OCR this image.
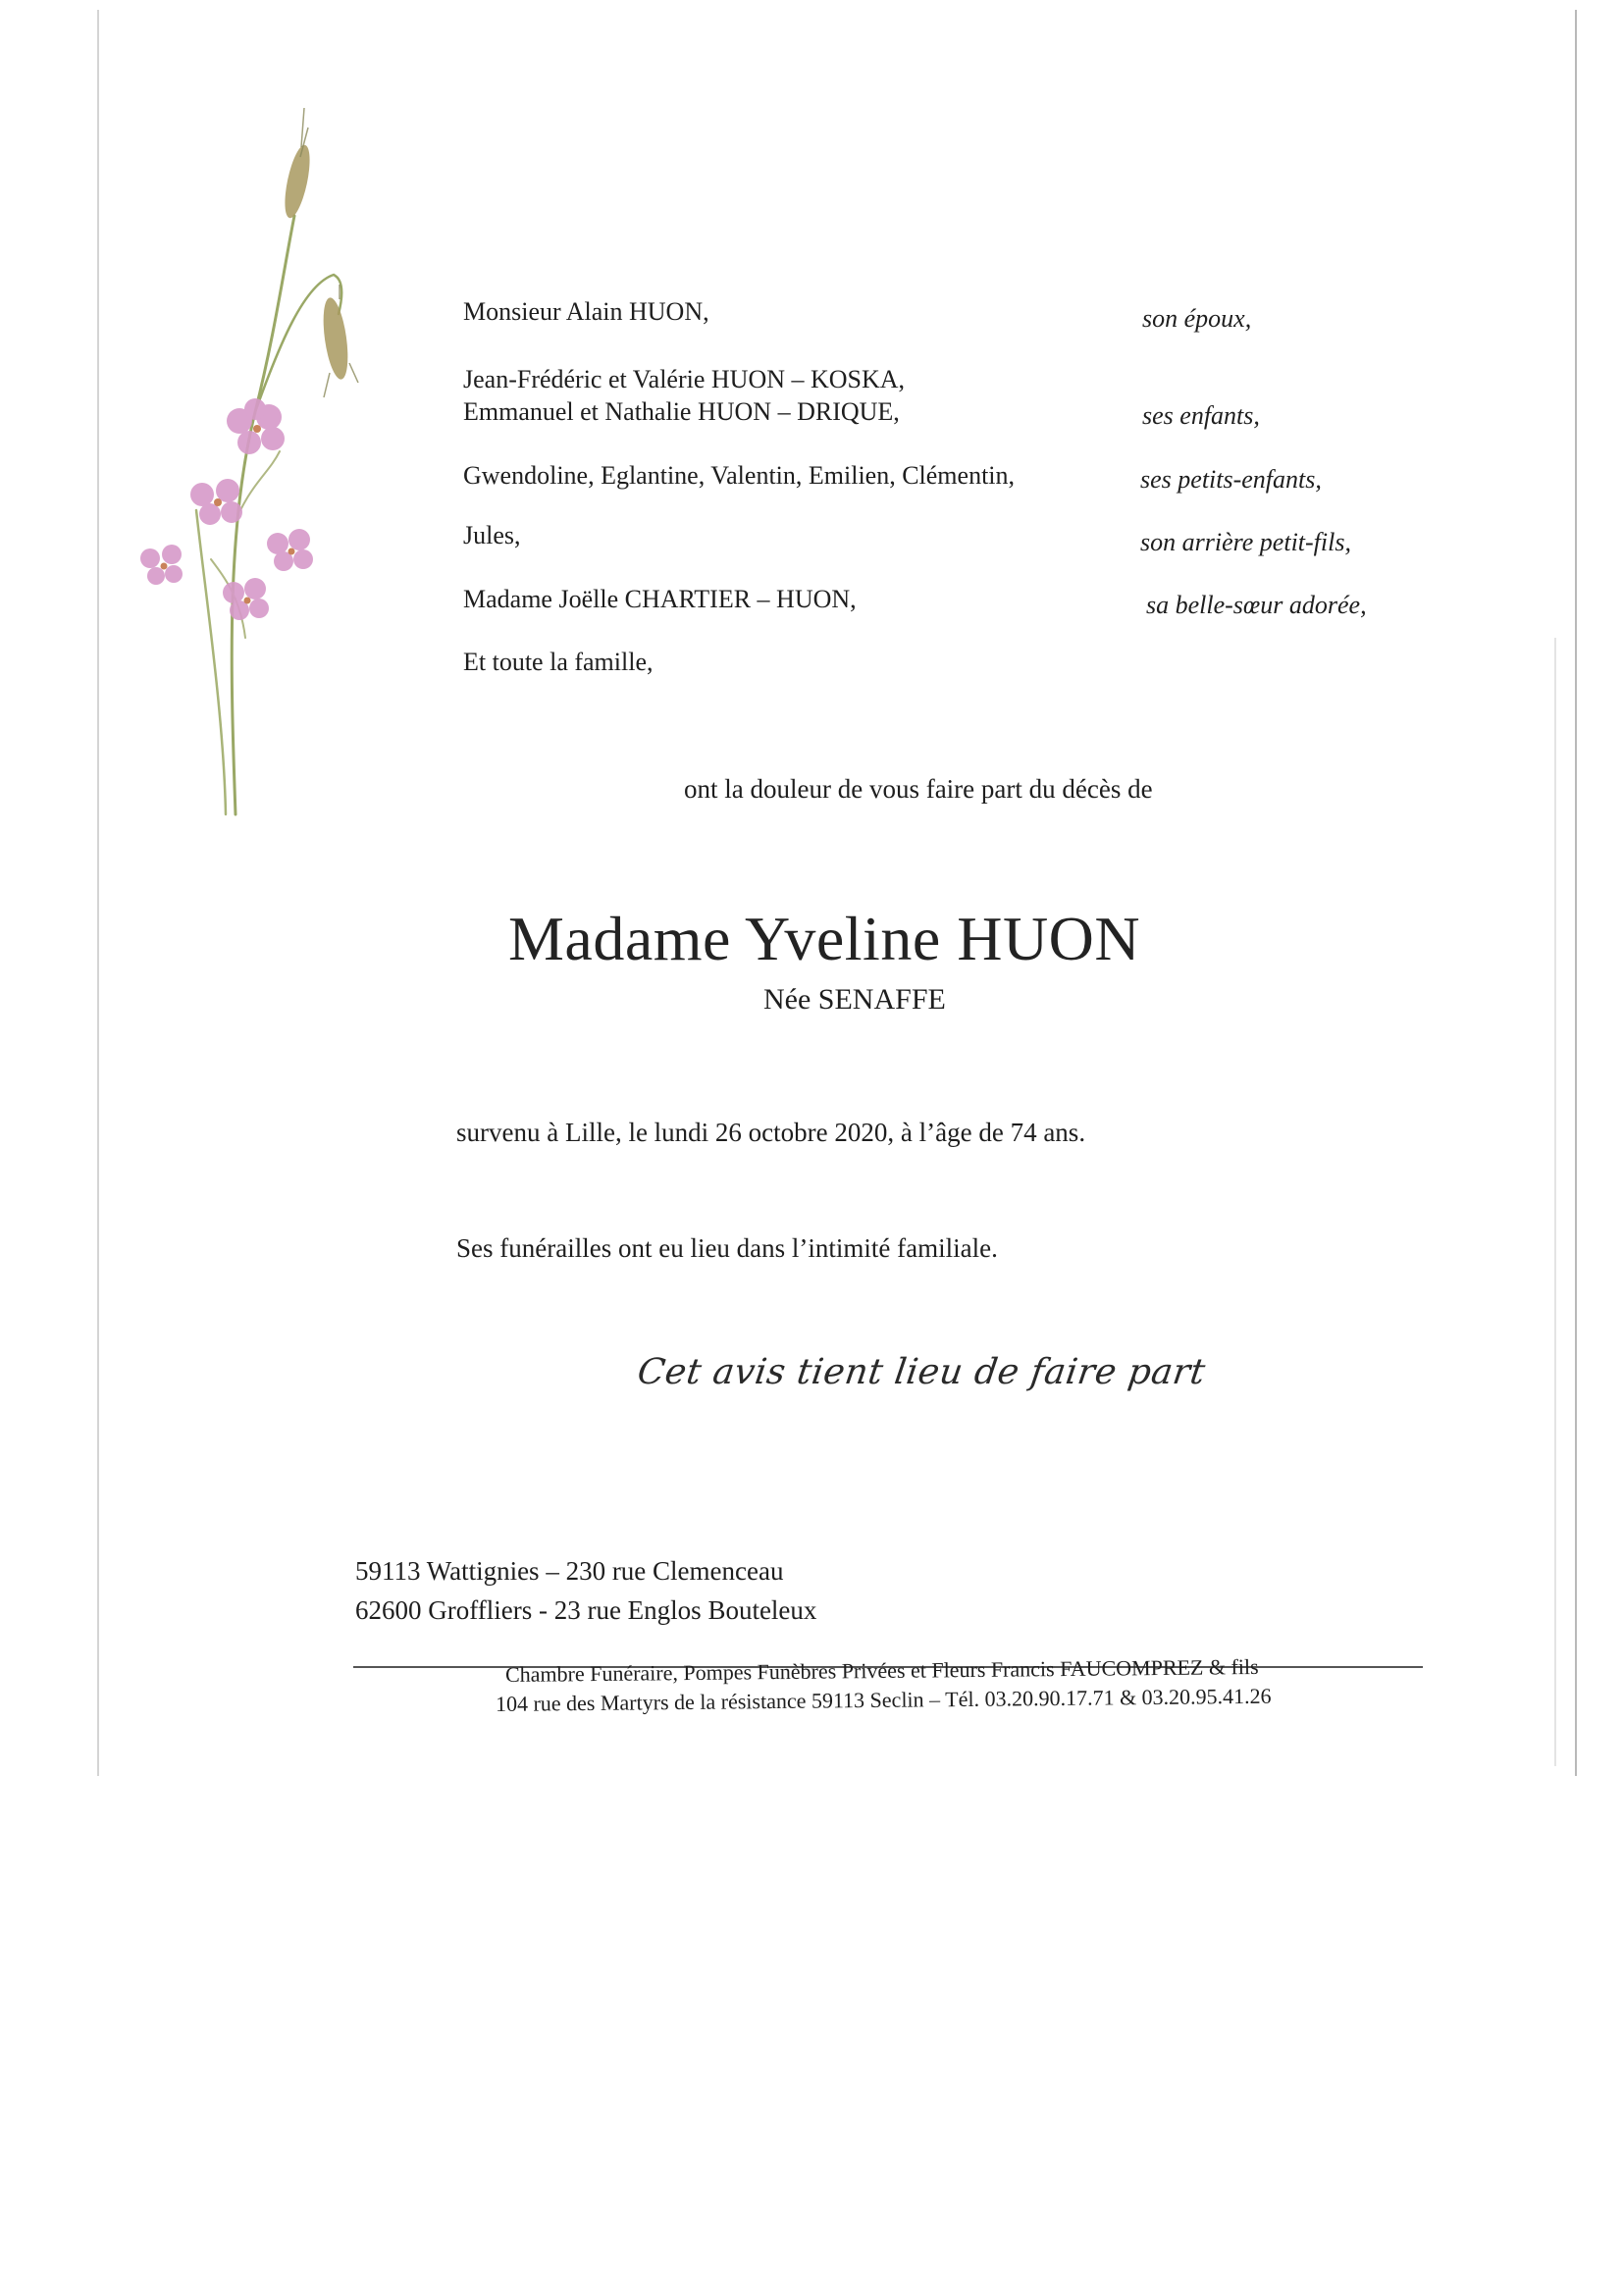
Monsieur Alain HUON,	son époux,
Jean-Frédéric et Valérie HUON – KOSKA,
Emmanuel et Nathalie HUON – DRIQUE,	ses enfants,
Gwendoline, Eglantine, Valentin, Emilien, Clémentin,	ses petits-enfants,
Jules,	son arrière petit-fils,
Madame Joëlle CHARTIER – HUON,	sa belle-sœur adorée,
Et toute la famille,
ont la douleur de vous faire part du décès de
Madame Yveline HUON
Née SENAFFE
survenu à Lille, le lundi 26 octobre 2020, à l’âge de 74 ans.
Ses funérailles ont eu lieu dans l’intimité familiale.
Cet avis tient lieu de faire part
59113 Wattignies – 230 rue Clemenceau
62600 Groffliers - 23 rue Englos Bouteleux
Chambre Funéraire, Pompes Funèbres Privées et Fleurs Francis FAUCOMPREZ & fils
104 rue des Martyrs de la résistance 59113 Seclin – Tél. 03.20.90.17.71 & 03.20.95.41.26
